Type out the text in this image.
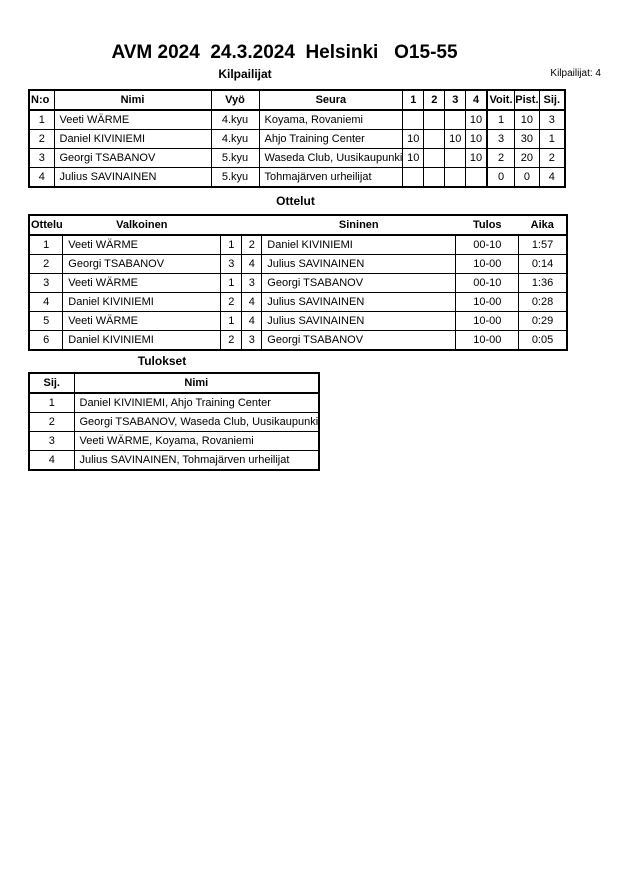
AVM 2024  24.3.2024  Helsinki   O15-55
Kilpailijat: 4
Kilpailijat
N:o	Nimi	Vyö	Seura	1	2	3	4	Voit.	Pist.	Sij.
1	Veeti WÄRME	4.kyu	Koyama, Rovaniemi				10	1	10	3
2	Daniel KIVINIEMI	4.kyu	Ahjo Training Center	10		10	10	3	30	1
3	Georgi TSABANOV	5.kyu	Waseda Club, Uusikaupunki	10			10	2	20	2
4	Julius SAVINAINEN	5.kyu	Tohmajärven urheilijat					0	0	4
Ottelut
Ottelu	Valkoinen			Sininen	Tulos	Aika
1	Veeti WÄRME	1	2	Daniel KIVINIEMI	00-10	1:57
2	Georgi TSABANOV	3	4	Julius SAVINAINEN	10-00	0:14
3	Veeti WÄRME	1	3	Georgi TSABANOV	00-10	1:36
4	Daniel KIVINIEMI	2	4	Julius SAVINAINEN	10-00	0:28
5	Veeti WÄRME	1	4	Julius SAVINAINEN	10-00	0:29
6	Daniel KIVINIEMI	2	3	Georgi TSABANOV	10-00	0:05
Tulokset
Sij.	Nimi
1	Daniel KIVINIEMI, Ahjo Training Center
2	Georgi TSABANOV, Waseda Club, Uusikaupunki
3	Veeti WÄRME, Koyama, Rovaniemi
4	Julius SAVINAINEN, Tohmajärven urheilijat
